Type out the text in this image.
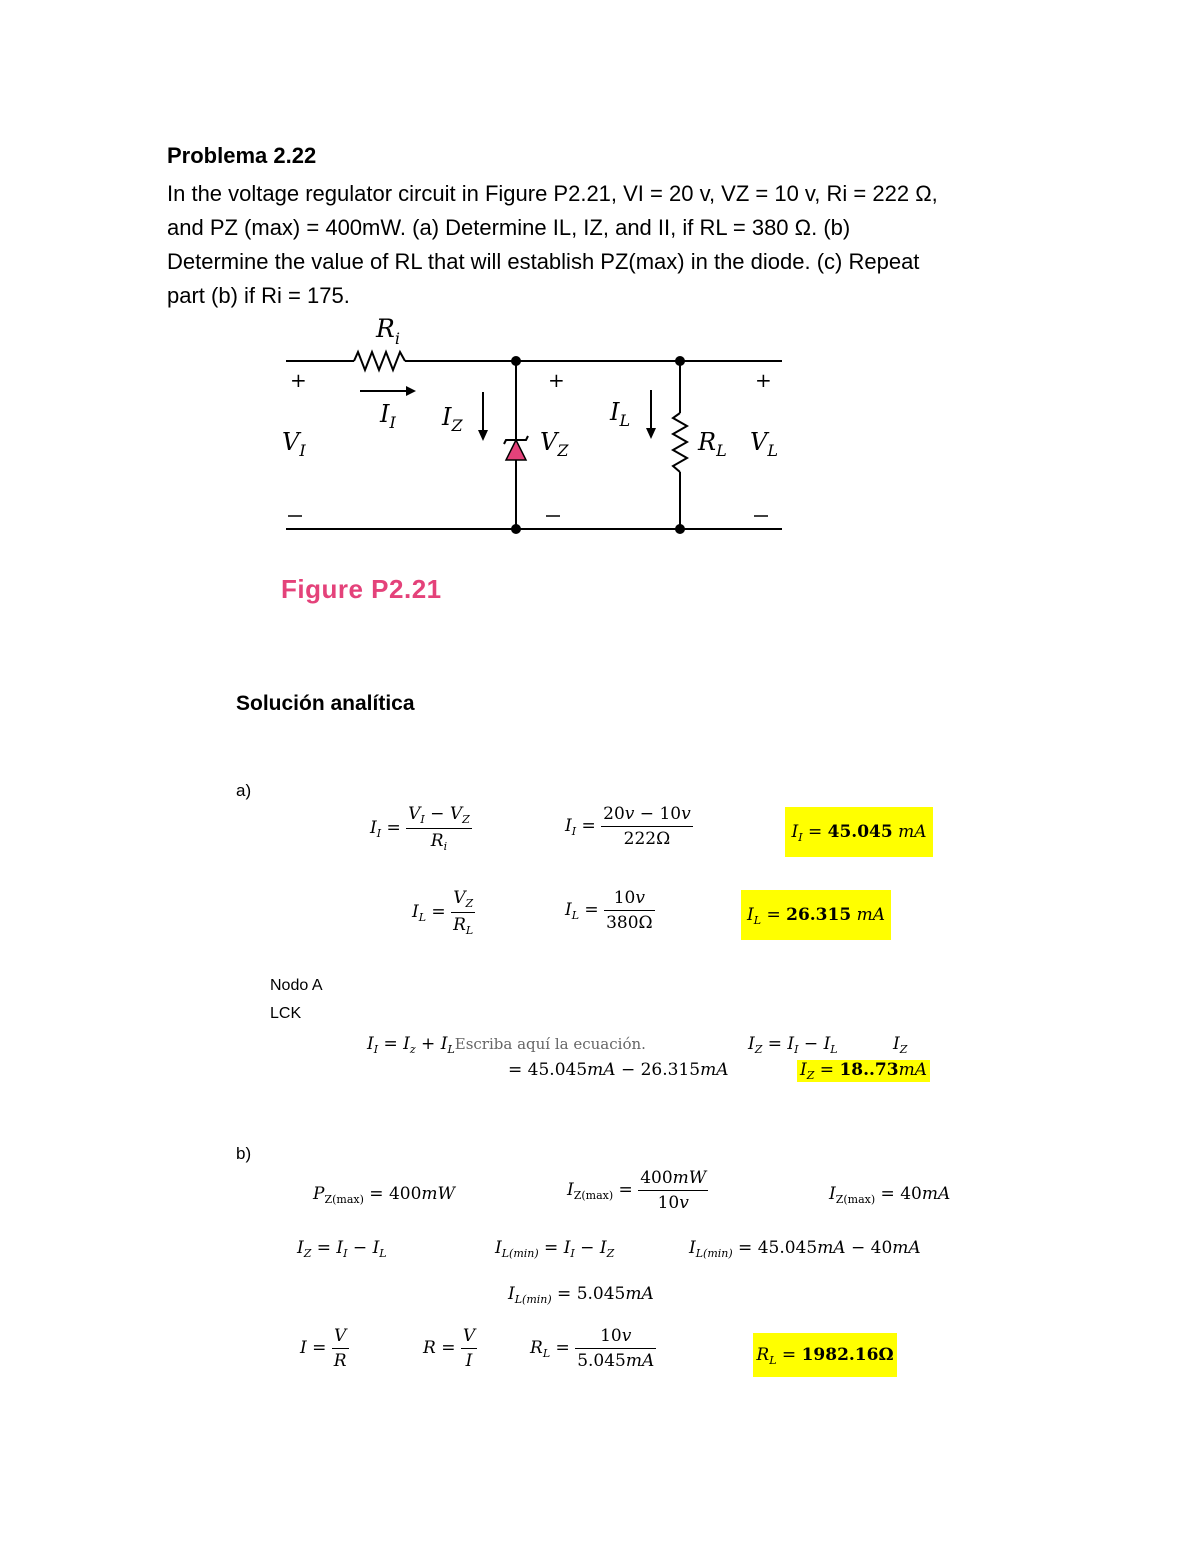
Problema 2.22
In the voltage regulator circuit in Figure P2.21, VI = 20 v, VZ = 10 v, Ri = 222 Ω,
and PZ (max) = 400mW. (a) Determine IL, IZ, and II, if RL = 380 Ω. (b)
Determine the value of RL that will establish PZ(max) in the diode. (c) Repeat
part (b) if Ri = 175.
$R_i$
+	+	+
$I_I$ $I_Z$	$I_L$
$V_I$	$V_Z$	$R_L$ $V_L$
Figure P2.21
Solución analítica
a)
$I_I = \frac{V_I - V_Z}{R_i}$	$I_I = \frac{20v - 10v}{222\Omega}$	$I_I = 45.045$ mA
$I_L = \frac{V_Z}{R_L}$	$I_L = \frac{10v}{380\Omega}$	$I_L = 26.315$ mA
Nodo A
LCK
$I_I = I_z$ + $I_LEscriba$ aquí la ecuación.	$I_Z = I_I - I_L$	$I_Z$
= 45.045mA − 26.315mA	$I_Z = 18..73mA$
b)
$P_{Z(max)} = 400mW$	$I_{Z(max)} = \frac{400mW}{10v}$	$I_{Z(max)} = 40mA$
$I_Z = I_I - I_L$	$I_{L(min)} = I_I - I_Z$	$I_{L(min)} = 45.045mA - 40mA$
$I_{L(min)} = 5.045mA$
$I = \frac{V}{R}$	$R = \frac{V}{I}$	$R_L = \frac{10v}{5.045mA}$	$R_L = 1982.16\Omega$
